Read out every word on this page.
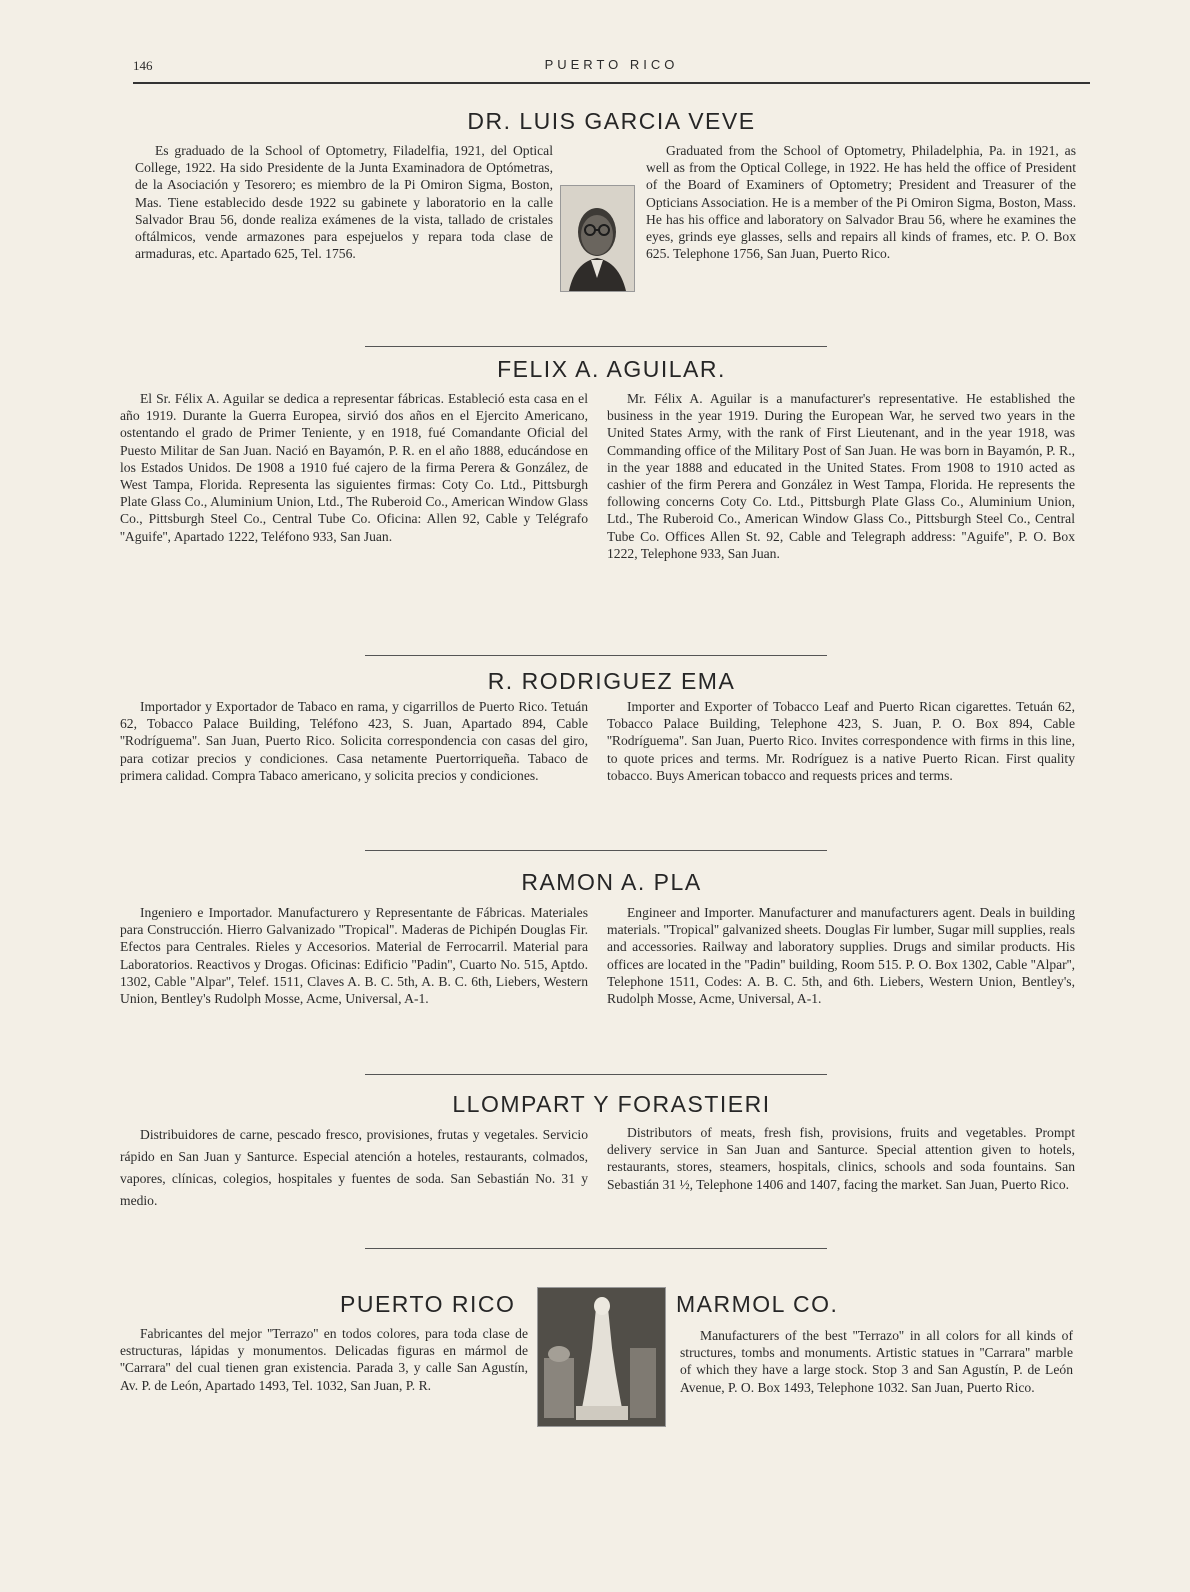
146	PUERTO RICO
DR. LUIS GARCIA VEVE

Es graduado de la School of Optometry, Filadelfia, 1921, del Optical College, 1922. Ha sido Presidente de la Junta Examinadora de Optómetras, de la Asociación y Tesorero; es miembro de la Pi Omiron Sigma, Boston, Mas. Tiene establecido desde 1922 su gabinete y laboratorio en la calle Salvador Brau 56, donde realiza exámenes de la vista, tallado de cristales oftálmicos, vende armazones para espejuelos y repara toda clase de armaduras, etc. Apartado 625, Tel. 1756.

Graduated from the School of Optometry, Philadelphia, Pa. in 1921, as well as from the Optical College, in 1922. He has held the office of President of the Board of Examiners of Optometry; President and Treasurer of the Opticians Association. He is a member of the Pi Omiron Sigma, Boston, Mass. He has his office and laboratory on Salvador Brau 56, where he examines the eyes, grinds eye glasses, sells and repairs all kinds of frames, etc. P. O. Box 625. Telephone 1756, San Juan, Puerto Rico.

FELIX A. AGUILAR.

El Sr. Félix A. Aguilar se dedica a representar fábricas. Estableció esta casa en el año 1919. Durante la Guerra Europea, sirvió dos años en el Ejercito Americano, ostentando el grado de Primer Teniente, y en 1918, fué Comandante Oficial del Puesto Militar de San Juan. Nació en Bayamón, P. R. en el año 1888, educándose en los Estados Unidos. De 1908 a 1910 fué cajero de la firma Perera & González, de West Tampa, Florida. Representa las siguientes firmas: Coty Co. Ltd., Pittsburgh Plate Glass Co., Aluminium Union, Ltd., The Ruberoid Co., American Window Glass Co., Pittsburgh Steel Co., Central Tube Co. Oficina: Allen 92, Cable y Telégrafo ''Aguife'', Apartado 1222, Teléfono 933, San Juan.

Mr. Félix A. Aguilar is a manufacturer's representative. He established the business in the year 1919. During the European War, he served two years in the United States Army, with the rank of First Lieutenant, and in the year 1918, was Commanding office of the Military Post of San Juan. He was born in Bayamón, P. R., in the year 1888 and educated in the United States. From 1908 to 1910 acted as cashier of the firm Perera and González in West Tampa, Florida. He represents the following concerns Coty Co. Ltd., Pittsburgh Plate Glass Co., Aluminium Union, Ltd., The Ruberoid Co., American Window Glass Co., Pittsburgh Steel Co., Central Tube Co. Offices Allen St. 92, Cable and Telegraph address: ''Aguife'', P. O. Box 1222, Telephone 933, San Juan.

R. RODRIGUEZ EMA

Importador y Exportador de Tabaco en rama, y cigarrillos de Puerto Rico. Tetuán 62, Tobacco Palace Building, Teléfono 423, S. Juan, Apartado 894, Cable ''Rodríguema''. San Juan, Puerto Rico. Solicita correspondencia con casas del giro, para cotizar precios y condiciones. Casa netamente Puertorriqueña. Tabaco de primera calidad. Compra Tabaco americano, y solicita precios y condiciones.

Importer and Exporter of Tobacco Leaf and Puerto Rican cigarettes. Tetuán 62, Tobacco Palace Building, Telephone 423, S. Juan, P. O. Box 894, Cable ''Rodríguema''. San Juan, Puerto Rico. Invites correspondence with firms in this line, to quote prices and terms. Mr. Rodríguez is a native Puerto Rican. First quality tobacco. Buys American tobacco and requests prices and terms.

RAMON A. PLA

Ingeniero e Importador. Manufacturero y Representante de Fábricas. Materiales para Construcción. Hierro Galvanizado ''Tropical''. Maderas de Pichipén Douglas Fir. Efectos para Centrales. Rieles y Accesorios. Material de Ferrocarril. Material para Laboratorios. Reactivos y Drogas. Oficinas: Edificio ''Padin'', Cuarto No. 515, Aptdo. 1302, Cable ''Alpar'', Telef. 1511, Claves A. B. C. 5th, A. B. C. 6th, Liebers, Western Union, Bentley's Rudolph Mosse, Acme, Universal, A-1.

Engineer and Importer. Manufacturer and manufacturers agent. Deals in building materials. ''Tropical'' galvanized sheets. Douglas Fir lumber, Sugar mill supplies, reals and accessories. Railway and laboratory supplies. Drugs and similar products. His offices are located in the ''Padin'' building, Room 515. P. O. Box 1302, Cable ''Alpar'', Telephone 1511, Codes: A. B. C. 5th, and 6th. Liebers, Western Union, Bentley's, Rudolph Mosse, Acme, Universal, A-1.

LLOMPART Y FORASTIERI

Distribuidores de carne, pescado fresco, provisiones, frutas y vegetales. Servicio rápido en San Juan y Santurce. Especial atención a hoteles, restaurants, colmados, vapores, clínicas, colegios, hospitales y fuentes de soda. San Sebastián No. 31 y medio.

Distributors of meats, fresh fish, provisions, fruits and vegetables. Prompt delivery service in San Juan and Santurce. Special attention given to hotels, restaurants, stores, steamers, hospitals, clinics, schools and soda fountains. San Sebastián 31 ½, Telephone 1406 and 1407, facing the market. San Juan, Puerto Rico.

PUERTO RICO	MARMOL CO.

Fabricantes del mejor ''Terrazo'' en todos colores, para toda clase de estructuras, lápidas y monumentos. Delicadas figuras en mármol de ''Carrara'' del cual tienen gran existencia. Parada 3, y calle San Agustín, Av. P. de León, Apartado 1493, Tel. 1032, San Juan, P. R.

Manufacturers of the best ''Terrazo'' in all colors for all kinds of structures, tombs and monuments. Artistic statues in ''Carrara'' marble of which they have a large stock. Stop 3 and San Agustín, P. de León Avenue, P. O. Box 1493, Telephone 1032. San Juan, Puerto Rico.
